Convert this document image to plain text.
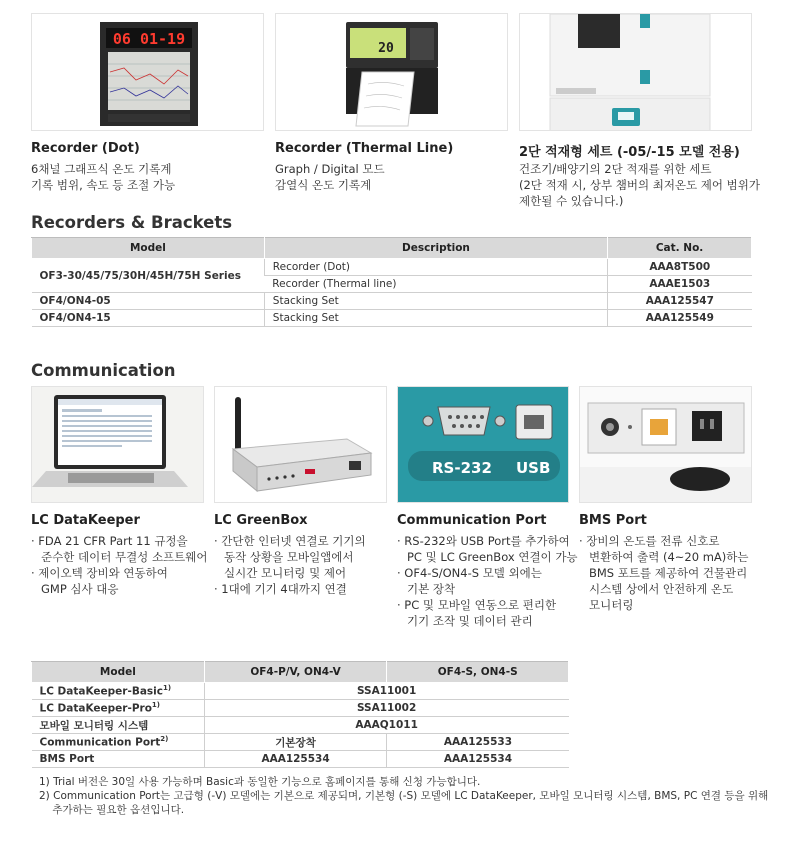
06 01-19
20
Recorder (Dot)
6채널 그래프식 온도 기록계
기록 범위, 속도 등 조절 가능
Recorder (Thermal Line)
Graph / Digital 모드
감열식 온도 기록계
2단 적재형 세트 (-05/-15 모델 전용)
건조기/배양기의 2단 적재를 위한 세트
(2단 적재 시, 상부 챔버의 최저온도 제어 범위가
제한될 수 있습니다.)
Recorders & Brackets
Model	Description	Cat. No.
OF3-30/45/75/30H/45H/75H Series	Recorder (Dot)	AAA8T500
	Recorder (Thermal line)	AAAE1503
OF4/ON4-05	Stacking Set	AAA125547
OF4/ON4-15	Stacking Set	AAA125549
Communication
RS-232 USB
LC DataKeeper
· FDA 21 CFR Part 11 규정을
준수한 데이터 무결성 소프트웨어
· 제이오텍 장비와 연동하여
GMP 심사 대응
LC GreenBox
· 간단한 인터넷 연결로 기기의
동작 상황을 모바일앱에서
실시간 모니터링 및 제어
· 1대에 기기 4대까지 연결
Communication Port
· RS-232와 USB Port를 추가하여
PC 및 LC GreenBox 연결이 가능
· OF4-S/ON4-S 모델 외에는
기본 장착
· PC 및 모바일 연동으로 편리한
기기 조작 및 데이터 관리
BMS Port
· 장비의 온도를 전류 신호로
변환하여 출력 (4~20 mA)하는
BMS 포트를 제공하여 건물관리
시스템 상에서 안전하게 온도
모니터링
Model	OF4-P/V, ON4-V	OF4-S, ON4-S
LC DataKeeper-Basic$^{1)}$	SSA11001	
LC DataKeeper-Pro$^{1)}$	SSA11002	
모바일 모니터링 시스템	AAAQ1011	
Communication Port$^{2)}$	기본장착	AAA125533
BMS Port	AAA125534	AAA125534
1) Trial 버전은 30일 사용 가능하며 Basic과 동일한 기능으로 홈페이지를 통해 신청 가능합니다.
2) Communication Port는 고급형 (-V) 모델에는 기본으로 제공되며, 기본형 (-S) 모델에 LC DataKeeper, 모바일 모니터링 시스템, BMS, PC 연결 등을 위해
추가하는 필요한 옵션입니다.
